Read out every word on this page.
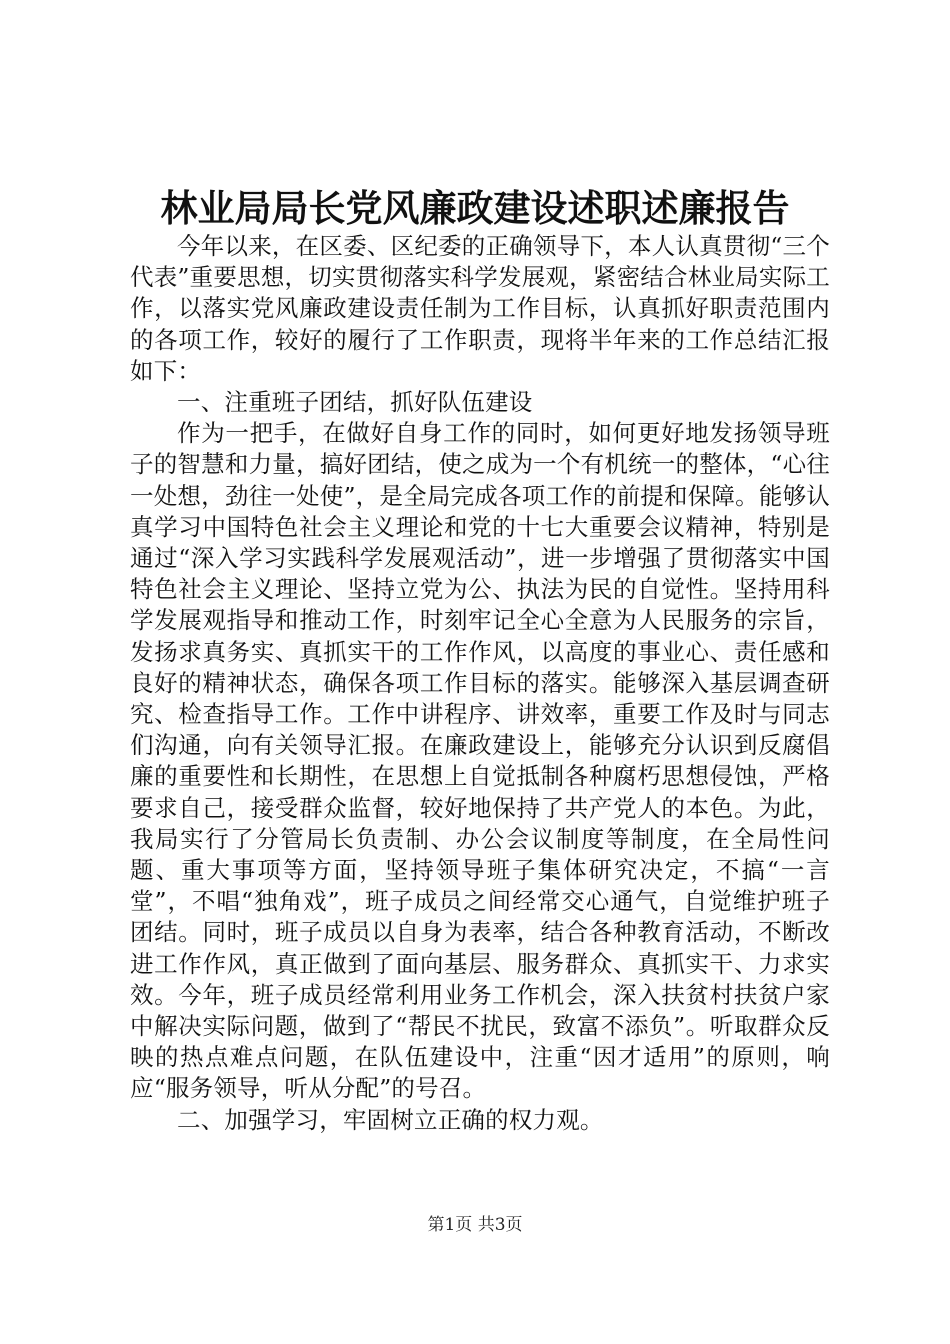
林业局局长党风廉政建设述职述廉报告

今年以来，在区委、区纪委的正确领导下，本人认真贯彻“三个代表”重要思想，切实贯彻落实科学发展观，紧密结合林业局实际工作，以落实党风廉政建设责任制为工作目标，认真抓好职责范围内的各项工作，较好的履行了工作职责，现将半年来的工作总结汇报如下：

一、注重班子团结，抓好队伍建设

作为一把手，在做好自身工作的同时，如何更好地发扬领导班子的智慧和力量，搞好团结，使之成为一个有机统一的整体，“心往一处想，劲往一处使”，是全局完成各项工作的前提和保障。能够认真学习中国特色社会主义理论和党的十七大重要会议精神，特别是通过“深入学习实践科学发展观活动”，进一步增强了贯彻落实中国特色社会主义理论、坚持立党为公、执法为民的自觉性。坚持用科学发展观指导和推动工作，时刻牢记全心全意为人民服务的宗旨，发扬求真务实、真抓实干的工作作风，以高度的事业心、责任感和良好的精神状态，确保各项工作目标的落实。能够深入基层调查研究、检查指导工作。工作中讲程序、讲效率，重要工作及时与同志们沟通，向有关领导汇报。在廉政建设上，能够充分认识到反腐倡廉的重要性和长期性，在思想上自觉抵制各种腐朽思想侵蚀，严格要求自己，接受群众监督，较好地保持了共产党人的本色。为此，我局实行了分管局长负责制、办公会议制度等制度，在全局性问题、重大事项等方面，坚持领导班子集体研究决定，不搞“一言堂”，不唱“独角戏”，班子成员之间经常交心通气，自觉维护班子团结。同时，班子成员以自身为表率，结合各种教育活动，不断改进工作作风，真正做到了面向基层、服务群众、真抓实干、力求实效。今年，班子成员经常利用业务工作机会，深入扶贫村扶贫户家中解决实际问题，做到了“帮民不扰民，致富不添负”。听取群众反映的热点难点问题，在队伍建设中，注重“因才适用”的原则，响应“服务领导，听从分配”的号召。

二、加强学习，牢固树立正确的权力观。

第1页 共3页
